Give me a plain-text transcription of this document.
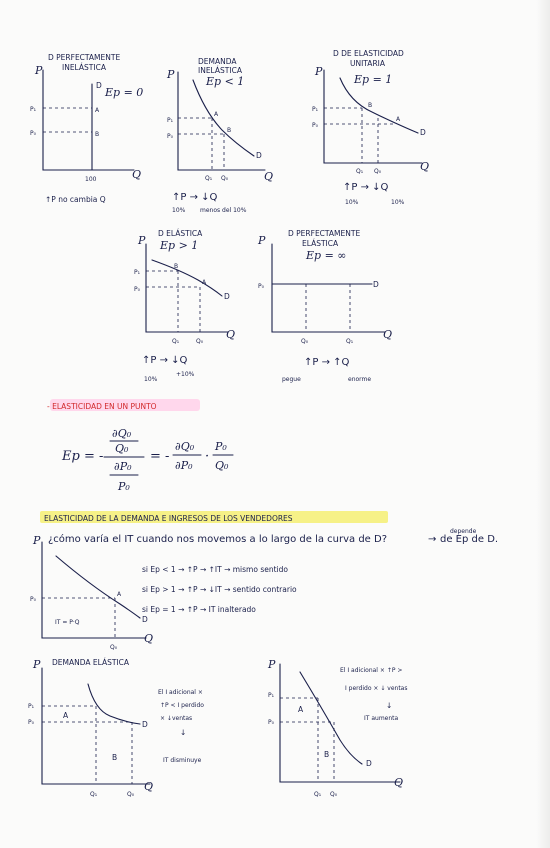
D PERFECTAMENTE
INELÁSTICA
P
Q
D
Ep = 0
P₁
P₀
A
B
100
↑P no cambia Q
DEMANDA
INELÁSTICA
Ep < 1
P
Q
D
P₁
P₀
A
B
Q₁ Q₀
↑P → ↓Q
10% menos del 10%
D DE ELASTICIDAD
UNITARIA
Ep = 1
P
Q
D
P₁
P₀
B
A
Q₁ Q₀
↑P → ↓Q
10%	10%
D ELÁSTICA
Ep > 1
P
Q
D
P₁
P₀
B
A
Q₁	Q₀
↑P → ↓Q
10%
+10%
D PERFECTAMENTE
ELÁSTICA
Ep = ∞
P
Q
D
P₀
Q₀	Q₁
↑P → ↑Q
pegue	enorme
- ELASTICIDAD EN UN PUNTO
Ep = -
∂Q₀
Q₀
∂P₀
P₀
= -
∂Q₀
∂P₀
·
P₀
Q₀
ELASTICIDAD DE LA DEMANDA E INGRESOS DE LOS VENDEDORES
¿cómo varía el IT cuando nos movemos a lo largo de la curva de D?	→
depende
de Ep de D.
P
Q
D
P₀
A
Q₀
IT = P·Q
si Ep < 1 → ↑P → ↑IT → mismo sentido
si Ep > 1 → ↑P → ↓IT → sentido contrario
si Ep = 1 → ↑P → IT inalterado
DEMANDA ELÁSTICA
P
Q
D
P₁
P₀
A
B
Q₁	Q₀
El I adicional ×
↑P < I perdido
× ↓ventas
↓
IT disminuye
P
Q
D
P₁
P₀
A
B
Q₁ Q₀
El I adicional × ↑P >
I perdido × ↓ ventas
↓
IT aumenta
